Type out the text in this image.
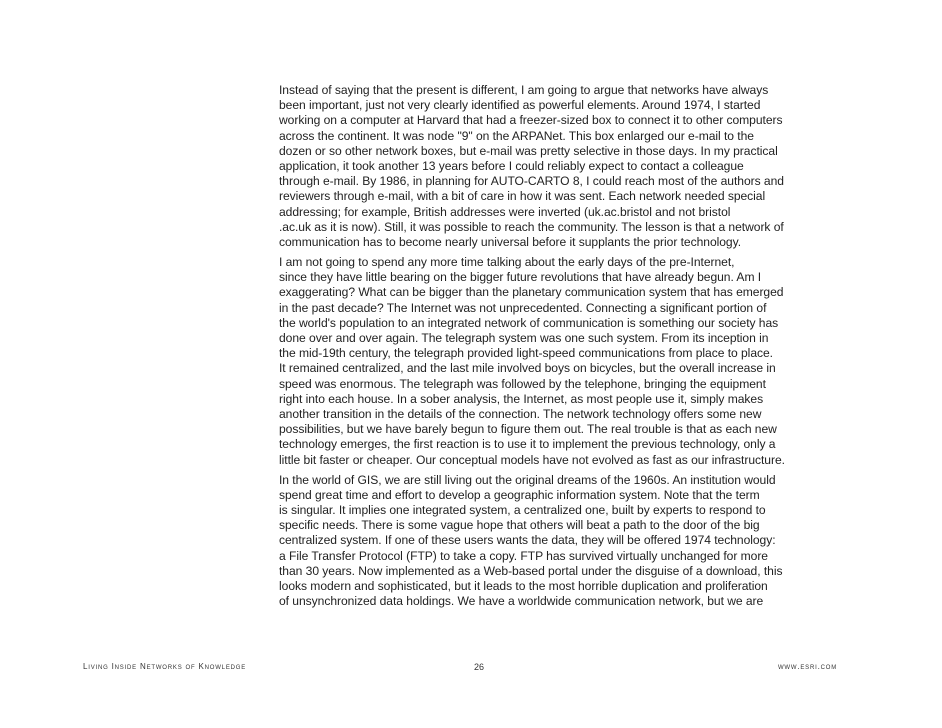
Instead of saying that the present is different, I am going to argue that networks have always
been important, just not very clearly identified as powerful elements. Around 1974, I started
working on a computer at Harvard that had a freezer-sized box to connect it to other computers
across the continent. It was node "9" on the ARPANet. This box enlarged our e-mail to the
dozen or so other network boxes, but e-mail was pretty selective in those days. In my practical
application, it took another 13 years before I could reliably expect to contact a colleague
through e-mail. By 1986, in planning for AUTO-CARTO 8, I could reach most of the authors and
reviewers through e-mail, with a bit of care in how it was sent. Each network needed special
addressing; for example, British addresses were inverted (uk.ac.bristol and not bristol
.ac.uk as it is now). Still, it was possible to reach the community. The lesson is that a network of
communication has to become nearly universal before it supplants the prior technology.
I am not going to spend any more time talking about the early days of the pre-Internet,
since they have little bearing on the bigger future revolutions that have already begun. Am I
exaggerating? What can be bigger than the planetary communication system that has emerged
in the past decade? The Internet was not unprecedented. Connecting a significant portion of
the world's population to an integrated network of communication is something our society has
done over and over again. The telegraph system was one such system. From its inception in
the mid-19th century, the telegraph provided light-speed communications from place to place.
It remained centralized, and the last mile involved boys on bicycles, but the overall increase in
speed was enormous. The telegraph was followed by the telephone, bringing the equipment
right into each house. In a sober analysis, the Internet, as most people use it, simply makes
another transition in the details of the connection. The network technology offers some new
possibilities, but we have barely begun to figure them out. The real trouble is that as each new
technology emerges, the first reaction is to use it to implement the previous technology, only a
little bit faster or cheaper. Our conceptual models have not evolved as fast as our infrastructure.
In the world of GIS, we are still living out the original dreams of the 1960s. An institution would
spend great time and effort to develop a geographic information system. Note that the term
is singular. It implies one integrated system, a centralized one, built by experts to respond to
specific needs. There is some vague hope that others will beat a path to the door of the big
centralized system. If one of these users wants the data, they will be offered 1974 technology:
a File Transfer Protocol (FTP) to take a copy. FTP has survived virtually unchanged for more
than 30 years. Now implemented as a Web-based portal under the disguise of a download, this
looks modern and sophisticated, but it leads to the most horrible duplication and proliferation
of unsynchronized data holdings. We have a worldwide communication network, but we are
Living Inside Networks of Knowledge	26	www.esri.com
